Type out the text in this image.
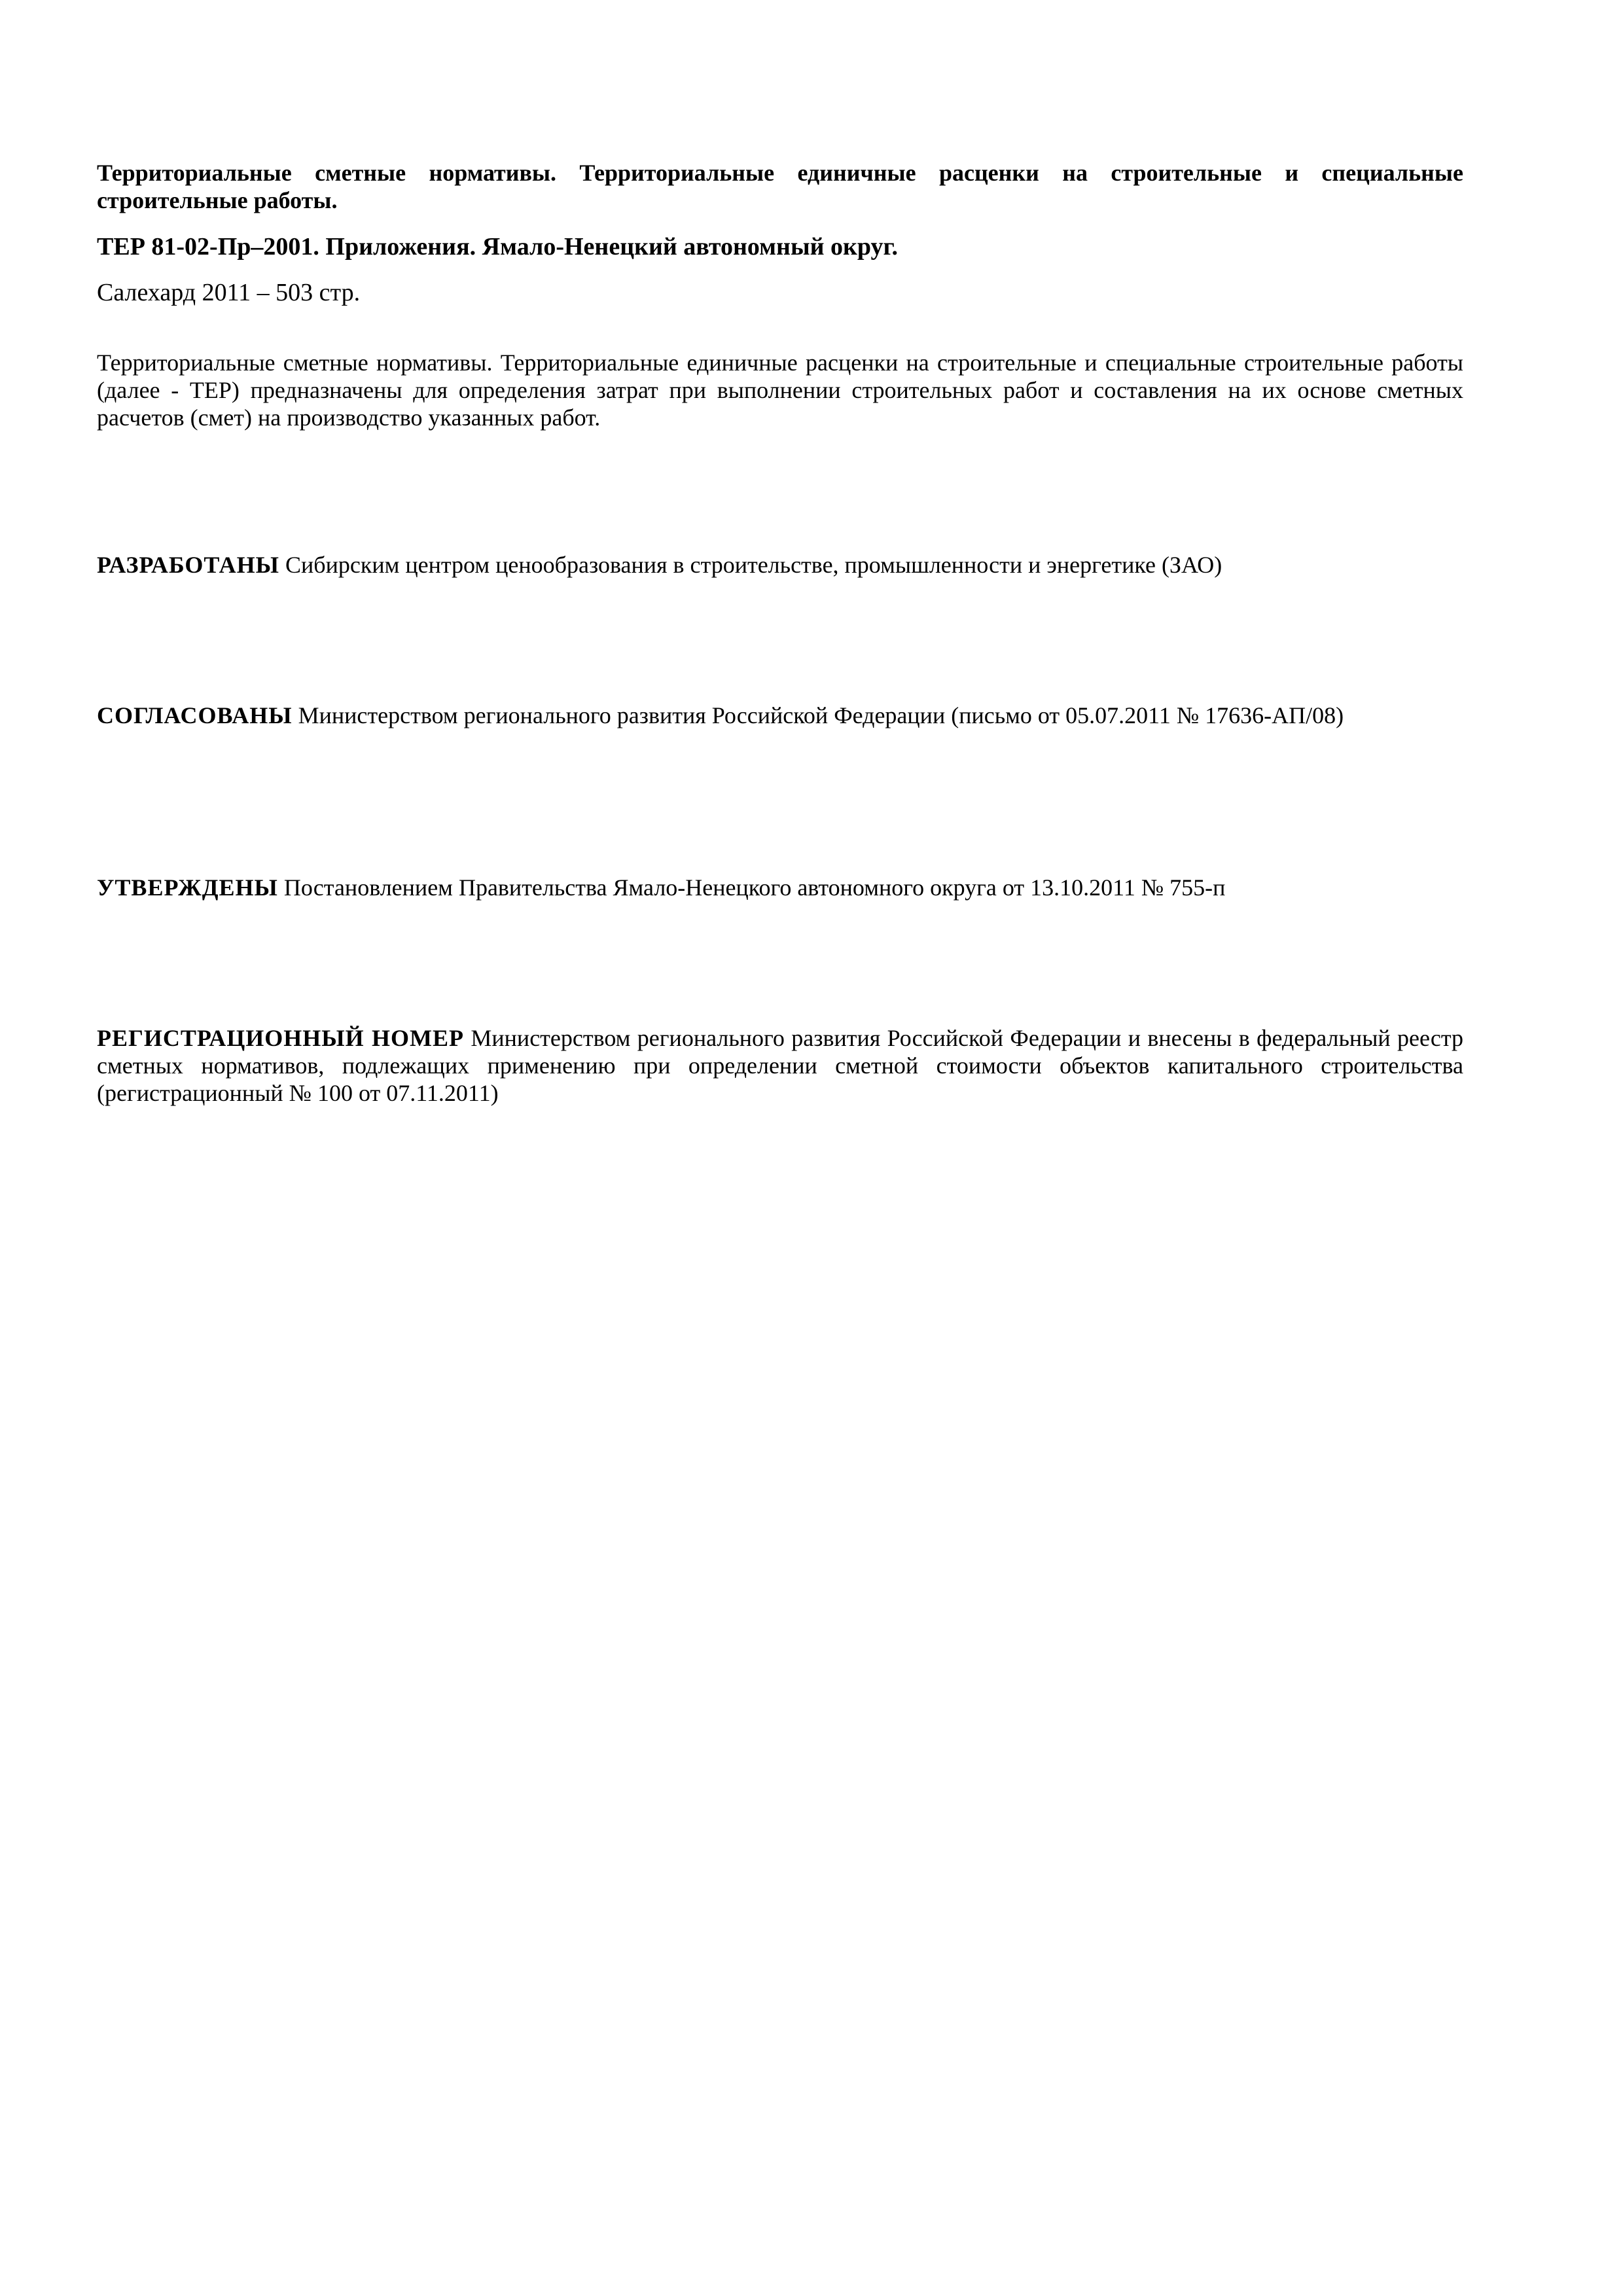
Территориальные сметные нормативы. Территориальные единичные расценки на строительные и специальные строительные работы.

ТЕР 81-02-Пр–2001. Приложения. Ямало-Ненецкий автономный округ.

Салехард 2011 – 503 стр.

Территориальные сметные нормативы. Территориальные единичные расценки на строительные и специальные строительные работы (далее - ТЕР) предназначены для определения затрат при выполнении строительных работ и составления на их основе сметных расчетов (смет) на производство указанных работ.

РАЗРАБОТАНЫ Сибирским центром ценообразования в строительстве, промышленности и энергетике (ЗАО)

СОГЛАСОВАНЫ Министерством регионального развития Российской Федерации (письмо от 05.07.2011 № 17636-АП/08)

УТВЕРЖДЕНЫ Постановлением Правительства Ямало-Ненецкого автономного округа от 13.10.2011 № 755-п

РЕГИСТРАЦИОННЫЙ НОМЕР Министерством регионального развития Российской Федерации и внесены в федеральный реестр сметных нормативов, подлежащих применению при определении сметной стоимости объектов капитального строительства (регистрационный № 100 от 07.11.2011)
